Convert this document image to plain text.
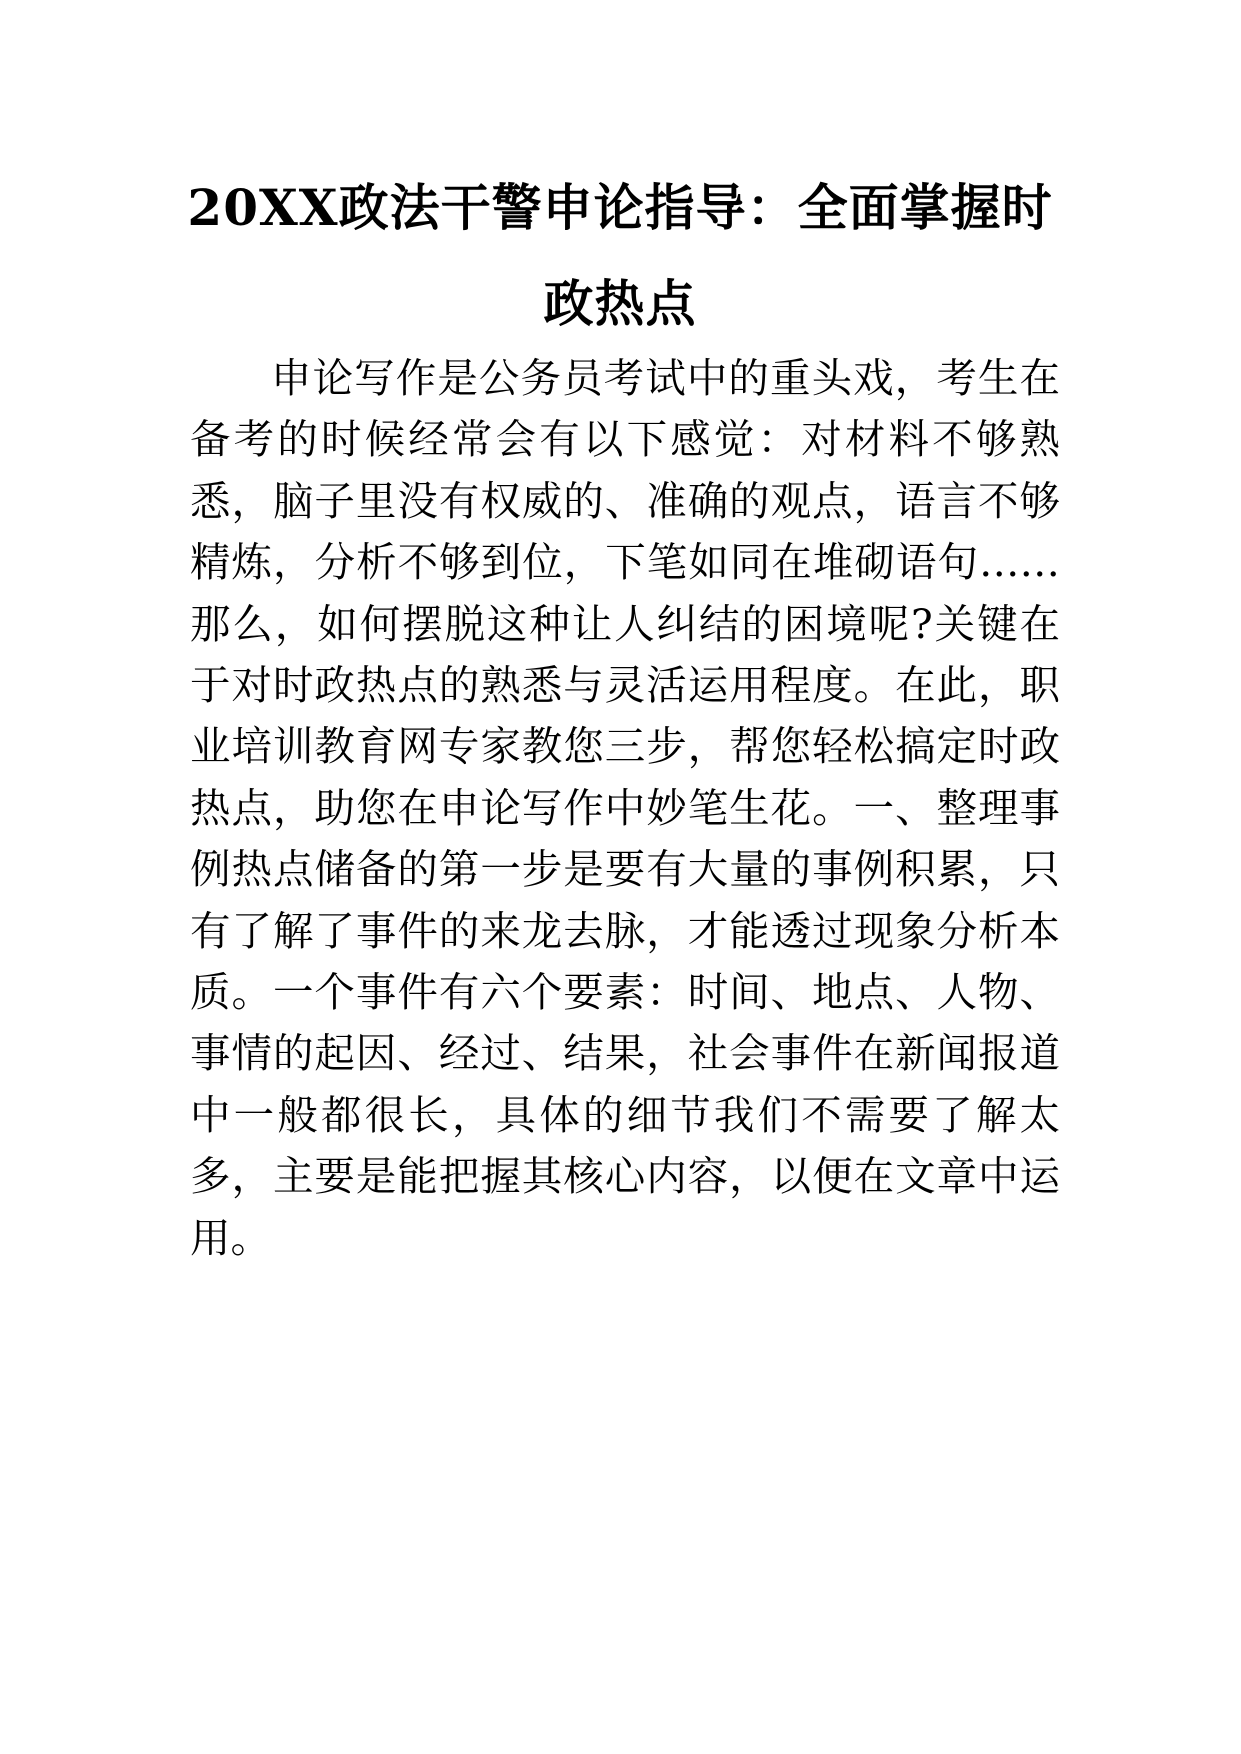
20XX政法干警申论指导：全面掌握时
政热点

申论写作是公务员考试中的重头戏，考生在备考的时候经常会有以下感觉：对材料不够熟悉，脑子里没有权威的、准确的观点，语言不够精炼，分析不够到位，下笔如同在堆砌语句……那么，如何摆脱这种让人纠结的困境呢?关键在于对时政热点的熟悉与灵活运用程度。在此，职业培训教育网专家教您三步，帮您轻松搞定时政热点，助您在申论写作中妙笔生花。一、整理事例热点储备的第一步是要有大量的事例积累，只有了解了事件的来龙去脉，才能透过现象分析本质。一个事件有六个要素：时间、地点、人物、事情的起因、经过、结果，社会事件在新闻报道中一般都很长，具体的细节我们不需要了解太多，主要是能把握其核心内容，以便在文章中运用。
